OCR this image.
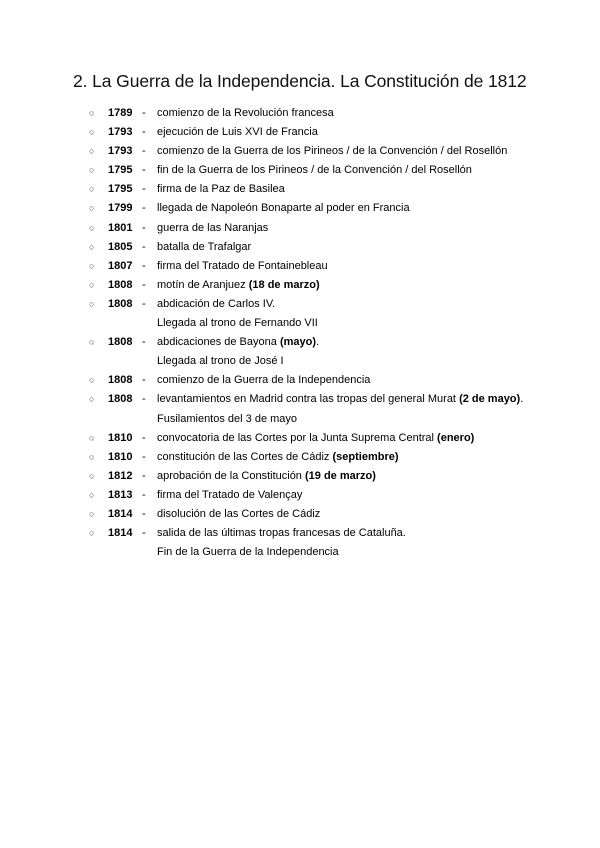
2. La Guerra de la Independencia. La Constitución de 1812
○ 1789 - comienzo de la Revolución francesa
○ 1793 - ejecución de Luis XVI de Francia
○ 1793 - comienzo de la Guerra de los Pirineos / de la Convención / del Rosellón
○ 1795 - fin de la Guerra de los Pirineos / de la Convención / del Rosellón
○ 1795 - firma de la Paz de Basilea
○ 1799 - llegada de Napoleón Bonaparte al poder en Francia
○ 1801 - guerra de las Naranjas
○ 1805 - batalla de Trafalgar
○ 1807 - firma del Tratado de Fontainebleau
○ 1808 - motín de Aranjuez (18 de marzo)
○ 1808 - abdicación de Carlos IV.
Llegada al trono de Fernando VII
○ 1808 - abdicaciones de Bayona (mayo).
Llegada al trono de José I
○ 1808 - comienzo de la Guerra de la Independencia
○ 1808 - levantamientos en Madrid contra las tropas del general Murat (2 de mayo).
Fusilamientos del 3 de mayo
○ 1810 - convocatoria de las Cortes por la Junta Suprema Central (enero)
○ 1810 - constitución de las Cortes de Cádiz (septiembre)
○ 1812 - aprobación de la Constitución (19 de marzo)
○ 1813 - firma del Tratado de Valençay
○ 1814 - disolución de las Cortes de Cádiz
○ 1814 - salida de las últimas tropas francesas de Cataluña.
Fin de la Guerra de la Independencia
